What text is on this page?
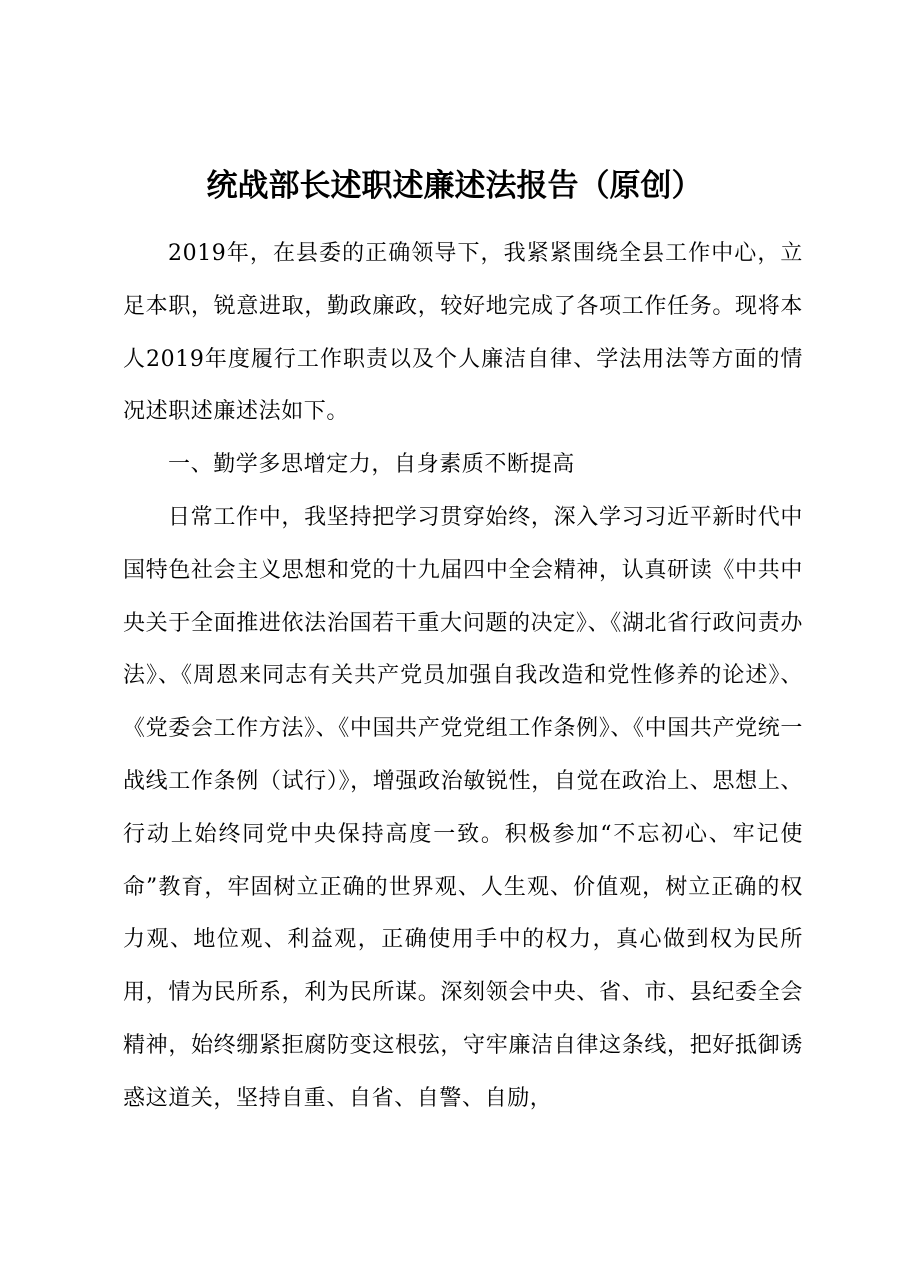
统战部长述职述廉述法报告（原创）

2019年，在县委的正确领导下，我紧紧围绕全县工作中心，立足本职，锐意进取，勤政廉政，较好地完成了各项工作任务。现将本人2019年度履行工作职责以及个人廉洁自律、学法用法等方面的情况述职述廉述法如下。

一、勤学多思增定力，自身素质不断提高

日常工作中，我坚持把学习贯穿始终，深入学习习近平新时代中国特色社会主义思想和党的十九届四中全会精神，认真研读《中共中央关于全面推进依法治国若干重大问题的决定》、《湖北省行政问责办法》、《周恩来同志有关共产党员加强自我改造和党性修养的论述》、《党委会工作方法》、《中国共产党党组工作条例》、《中国共产党统一战线工作条例（试行）》，增强政治敏锐性，自觉在政治上、思想上、行动上始终同党中央保持高度一致。积极参加“不忘初心、牢记使命”教育，牢固树立正确的世界观、人生观、价值观，树立正确的权力观、地位观、利益观，正确使用手中的权力，真心做到权为民所用，情为民所系，利为民所谋。深刻领会中央、省、市、县纪委全会精神，始终绷紧拒腐防变这根弦，守牢廉洁自律这条线，把好抵御诱惑这道关，坚持自重、自省、自警、自励，
